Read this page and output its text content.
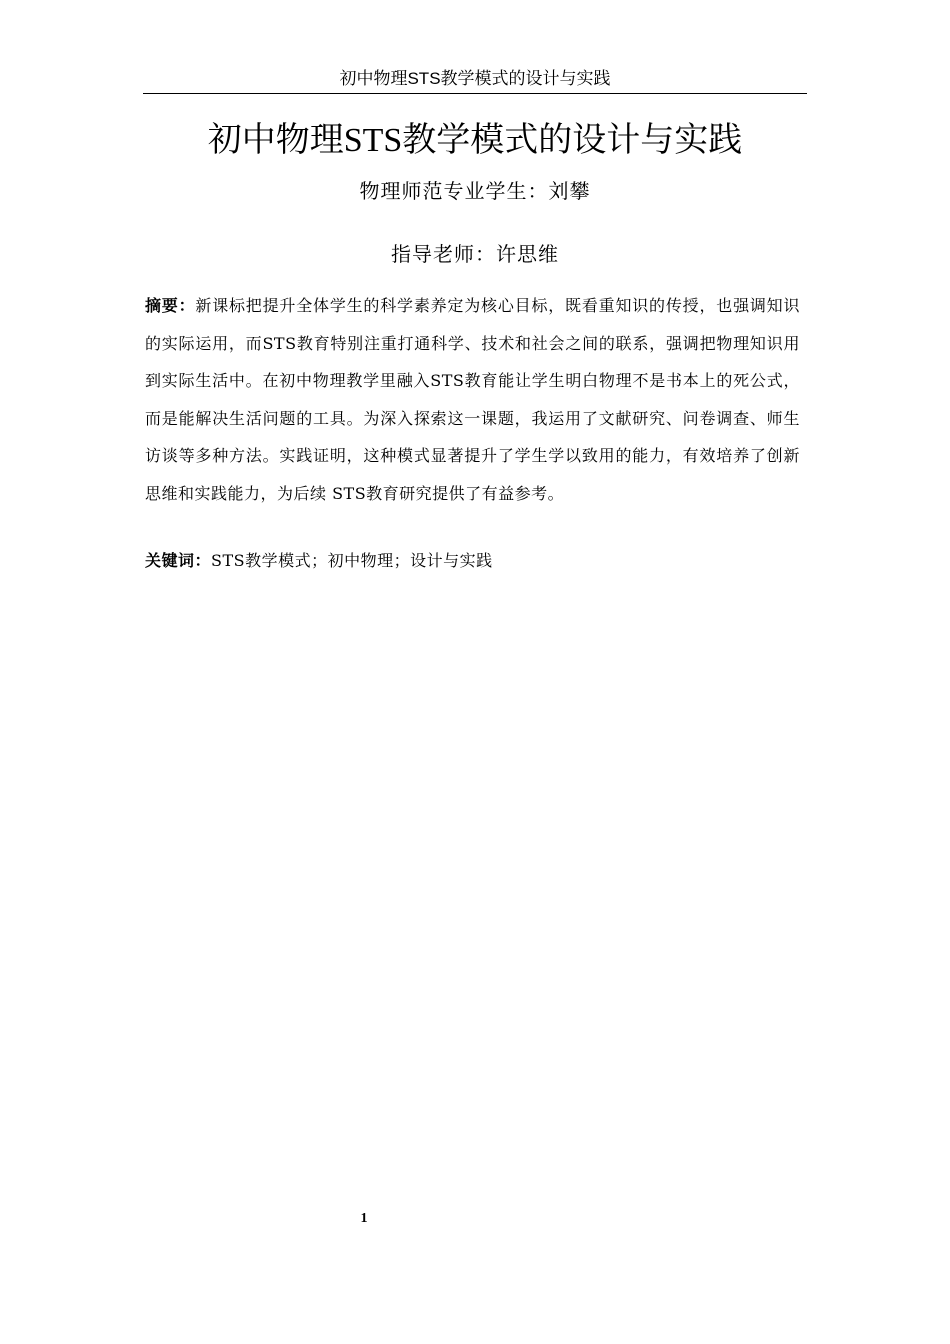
初中物理STS教学模式的设计与实践
初中物理STS教学模式的设计与实践
物理师范专业学生：刘攀
指导老师：许思维

摘要：新课标把提升全体学生的科学素养定为核心目标，既看重知识的传授，也强调知识的实际运用，而STS教育特别注重打通科学、技术和社会之间的联系，强调把物理知识用到实际生活中。在初中物理教学里融入STS教育能让学生明白物理不是书本上的死公式，而是能解决生活问题的工具。为深入探索这一课题，我运用了文献研究、问卷调查、师生访谈等多种方法。实践证明，这种模式显著提升了学生学以致用的能力，有效培养了创新思维和实践能力，为后续 STS教育研究提供了有益参考。

关键词：STS教学模式；初中物理；设计与实践

1
